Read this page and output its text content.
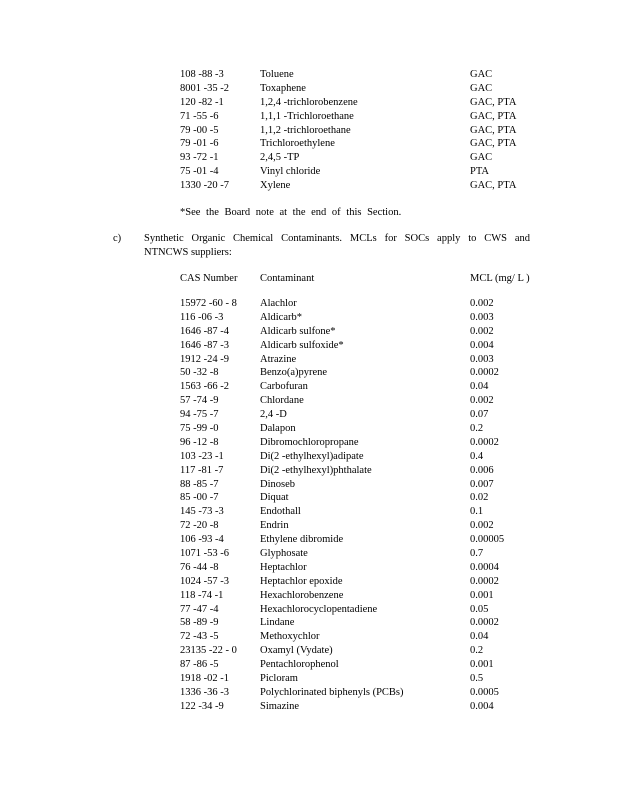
108 -88 -3	Toluene	GAC
8001 -35 -2	Toxaphene	GAC
120 -82 -1	1,2,4 -trichlorobenzene	GAC, PTA
71 -55 -6	1,1,1 -Trichloroethane	GAC, PTA
79 -00 -5	1,1,2 -trichloroethane	GAC, PTA
79 -01 -6	Trichloroethylene	GAC, PTA
93 -72 -1	2,4,5 -TP	GAC
75 -01 -4	Vinyl chloride	PTA
1330 -20 -7	Xylene	GAC, PTA
*See the Board note at the end of this Section.
c) Synthetic Organic Chemical Contaminants. MCLs for SOCs apply to CWS and
NTNCWS suppliers:
CAS Number Contaminant	MCL (mg/ L )
15972 -60 - 8 Alachlor	0.002
116 -06 -3	Aldicarb*	0.003
1646 -87 -4	Aldicarb sulfone*	0.002
1646 -87 -3	Aldicarb sulfoxide*	0.004
1912 -24 -9	Atrazine	0.003
50 -32 -8	Benzo(a)pyrene	0.0002
1563 -66 -2	Carbofuran	0.04
57 -74 -9	Chlordane	0.002
94 -75 -7	2,4 -D	0.07
75 -99 -0	Dalapon	0.2
96 -12 -8	Dibromochloropropane	0.0002
103 -23 -1	Di(2 -ethylhexyl)adipate	0.4
117 -81 -7	Di(2 -ethylhexyl)phthalate	0.006
88 -85 -7	Dinoseb	0.007
85 -00 -7	Diquat	0.02
145 -73 -3	Endothall	0.1
72 -20 -8	Endrin	0.002
106 -93 -4	Ethylene dibromide	0.00005
1071 -53 -6	Glyphosate	0.7
76 -44 -8	Heptachlor	0.0004
1024 -57 -3	Heptachlor epoxide	0.0002
118 -74 -1	Hexachlorobenzene	0.001
77 -47 -4	Hexachlorocyclopentadiene	0.05
58 -89 -9	Lindane	0.0002
72 -43 -5	Methoxychlor	0.04
23135 -22 - 0 Oxamyl (Vydate)	0.2
87 -86 -5	Pentachlorophenol	0.001
1918 -02 -1	Picloram	0.5
1336 -36 -3	Polychlorinated biphenyls (PCBs)	0.0005
122 -34 -9	Simazine	0.004
